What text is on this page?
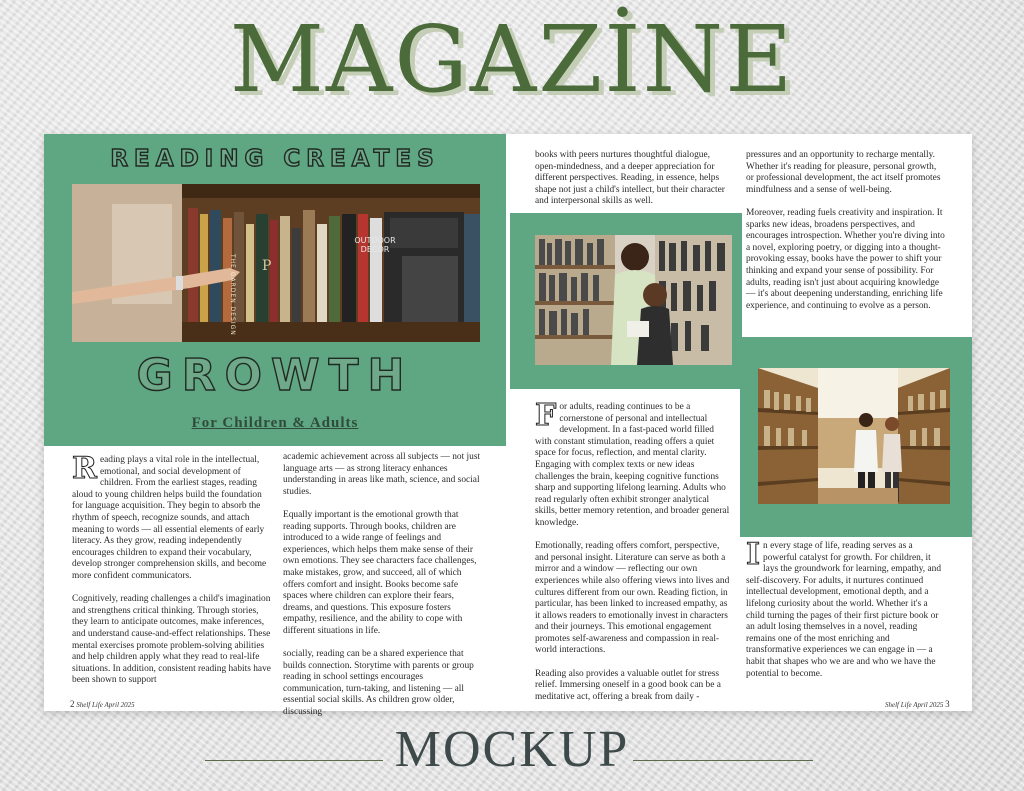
MAGAZİNE
READING CREATES
OUTDOOR DECOR
THE GARDEN DESIGN P
GROWTH
For Children & Adults

Reading plays a vital role in the intellectual, emotional, and social development of children. From the earliest stages, reading aloud to young children helps build the foundation for language acquisition. They begin to absorb the rhythm of speech, recognize sounds, and attach meaning to words — all essential elements of early literacy. As they grow, reading independently encourages children to expand their vocabulary, develop stronger comprehension skills, and become more confident communicators.

Cognitively, reading challenges a child's imagination and strengthens critical thinking. Through stories, they learn to anticipate outcomes, make inferences, and understand cause-and-effect relationships. These mental exercises promote problem-solving abilities and help children apply what they read to real-life situations. In addition, consistent reading habits have been shown to support

academic achievement across all subjects — not just language arts — as strong literacy enhances understanding in areas like math, science, and social studies.

Equally important is the emotional growth that reading supports. Through books, children are introduced to a wide range of feelings and experiences, which helps them make sense of their own emotions. They see characters face challenges, make mistakes, grow, and succeed, all of which offers comfort and insight. Books become safe spaces where children can explore their fears, dreams, and questions. This exposure fosters empathy, resilience, and the ability to cope with different situations in life.

socially, reading can be a shared experience that builds connection. Storytime with parents or group reading in school settings encourages communication, turn-taking, and listening — all essential social skills. As children grow older, discussing

books with peers nurtures thoughtful dialogue, open-mindedness, and a deeper appreciation for different perspectives. Reading, in essence, helps shape not just a child's intellect, but their character and interpersonal skills as well.

pressures and an opportunity to recharge mentally. Whether it's reading for pleasure, personal growth, or professional development, the act itself promotes mindfulness and a sense of well-being.

Moreover, reading fuels creativity and inspiration. It sparks new ideas, broadens perspectives, and encourages introspection. Whether you're diving into a novel, exploring poetry, or digging into a thought-provoking essay, books have the power to shift your thinking and expand your sense of possibility. For adults, reading isn't just about acquiring knowledge — it's about deepening understanding, enriching life experience, and continuing to evolve as a person.

For adults, reading continues to be a cornerstone of personal and intellectual development. In a fast-paced world filled with constant stimulation, reading offers a quiet space for focus, reflection, and mental clarity. Engaging with complex texts or new ideas challenges the brain, keeping cognitive functions sharp and supporting lifelong learning. Adults who read regularly often exhibit stronger analytical skills, better memory retention, and broader general knowledge.

Emotionally, reading offers comfort, perspective, and personal insight. Literature can serve as both a mirror and a window — reflecting our own experiences while also offering views into lives and cultures different from our own. Reading fiction, in particular, has been linked to increased empathy, as it allows readers to emotionally invest in characters and their journeys. This emotional engagement promotes self-awareness and compassion in real-world interactions.

Reading also provides a valuable outlet for stress relief. Immersing oneself in a good book can be a meditative act, offering a break from daily -

In every stage of life, reading serves as a powerful catalyst for growth. For children, it lays the groundwork for learning, empathy, and self-discovery. For adults, it nurtures continued intellectual development, emotional depth, and a lifelong curiosity about the world. Whether it's a child turning the pages of their first picture book or an adult losing themselves in a novel, reading remains one of the most enriching and transformative experiences we can engage in — a habit that shapes who we are and who we have the potential to become.

2 Shelf Life April 2025	Shelf Life April 2025 3
MOCKUP
